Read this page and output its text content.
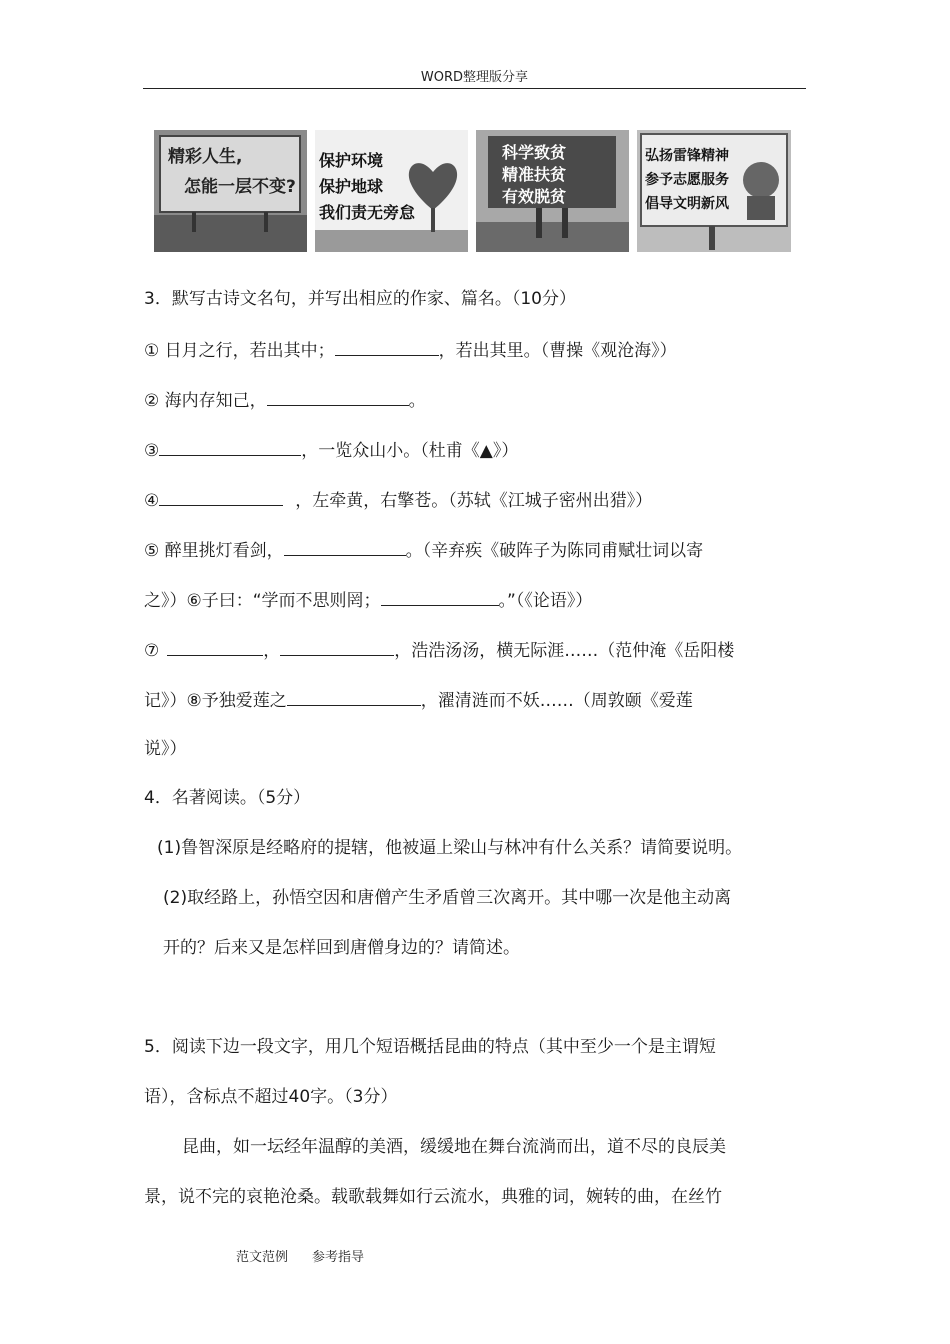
WORD整理版分享
精彩人生,
怎能一层不变?
保护环境
保护地球
我们责无旁怠
科学致贫
精准扶贫
有效脱贫
弘扬雷锋精神
参予志愿服务
倡导文明新风
3．默写古诗文名句，并写出相应的作家、篇名。（10分）
① 日月之行，若出其中；	，若出其里。（曹操《观沧海》）
② 海内存知己，	。
③	，一览众山小。（杜甫《▲》）
④	，左牵黄，右擎苍。（苏轼《江城子密州出猎》）
⑤ 醉里挑灯看剑，	。（辛弃疾《破阵子为陈同甫赋壮词以寄
之》）⑥子曰：“学而不思则罔；	。”（《论语》）
⑦	，	，浩浩汤汤，横无际涯……（范仲淹《岳阳楼
记》）⑧予独爱莲之	，濯清涟而不妖……（周敦颐《爱莲
说》）
4．名著阅读。（5分）
(1)鲁智深原是经略府的提辖，他被逼上梁山与林冲有什么关系？请简要说明。
(2)取经路上，孙悟空因和唐僧产生矛盾曾三次离开。其中哪一次是他主动离
开的？后来又是怎样回到唐僧身边的？请简述。
5．阅读下边一段文字，用几个短语概括昆曲的特点（其中至少一个是主谓短
语），含标点不超过40字。（3分）
昆曲，如一坛经年温醇的美酒，缓缓地在舞台流淌而出，道不尽的良辰美
景，说不完的哀艳沧桑。载歌载舞如行云流水，典雅的词，婉转的曲，在丝竹
范文范例 参考指导
